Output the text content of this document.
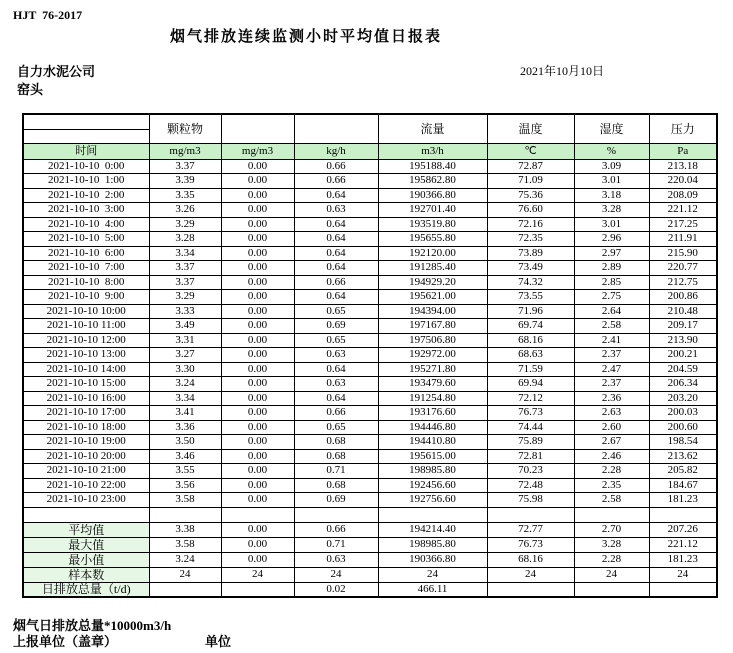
HJT  76-2017
烟气排放连续监测小时平均值日报表
自力水泥公司
窑头
2021年10月10日
	颗粒物			流量	温度	湿度	压力

时间	mg/m3	mg/m3	kg/h	m3/h	℃	%	Pa
2021-10-10  0:00	3.37	0.00	0.66	195188.40	72.87	3.09	213.18
2021-10-10  1:00	3.39	0.00	0.66	195862.80	71.09	3.01	220.04
2021-10-10  2:00	3.35	0.00	0.64	190366.80	75.36	3.18	208.09
2021-10-10  3:00	3.26	0.00	0.63	192701.40	76.60	3.28	221.12
2021-10-10  4:00	3.29	0.00	0.64	193519.80	72.16	3.01	217.25
2021-10-10  5:00	3.28	0.00	0.64	195655.80	72.35	2.96	211.91
2021-10-10  6:00	3.34	0.00	0.64	192120.00	73.89	2.97	215.90
2021-10-10  7:00	3.37	0.00	0.64	191285.40	73.49	2.89	220.77
2021-10-10  8:00	3.37	0.00	0.66	194929.20	74.32	2.85	212.75
2021-10-10  9:00	3.29	0.00	0.64	195621.00	73.55	2.75	200.86
2021-10-10 10:00	3.33	0.00	0.65	194394.00	71.96	2.64	210.48
2021-10-10 11:00	3.49	0.00	0.69	197167.80	69.74	2.58	209.17
2021-10-10 12:00	3.31	0.00	0.65	197506.80	68.16	2.41	213.90
2021-10-10 13:00	3.27	0.00	0.63	192972.00	68.63	2.37	200.21
2021-10-10 14:00	3.30	0.00	0.64	195271.80	71.59	2.47	204.59
2021-10-10 15:00	3.24	0.00	0.63	193479.60	69.94	2.37	206.34
2021-10-10 16:00	3.34	0.00	0.64	191254.80	72.12	2.36	203.20
2021-10-10 17:00	3.41	0.00	0.66	193176.60	76.73	2.63	200.03
2021-10-10 18:00	3.36	0.00	0.65	194446.80	74.44	2.60	200.60
2021-10-10 19:00	3.50	0.00	0.68	194410.80	75.89	2.67	198.54
2021-10-10 20:00	3.46	0.00	0.68	195615.00	72.81	2.46	213.62
2021-10-10 21:00	3.55	0.00	0.71	198985.80	70.23	2.28	205.82
2021-10-10 22:00	3.56	0.00	0.68	192456.60	72.48	2.35	184.67
2021-10-10 23:00	3.58	0.00	0.69	192756.60	75.98	2.58	181.23

平均值	3.38	0.00	0.66	194214.40	72.77	2.70	207.26
最大值	3.58	0.00	0.71	198985.80	76.73	3.28	221.12
最小值	3.24	0.00	0.63	190366.80	68.16	2.28	181.23
样本数	24	24	24	24	24	24	24
日排放总量（t/d)			0.02	466.11			
烟气日排放总量*10000m3/h
上报单位（盖章）	单位
